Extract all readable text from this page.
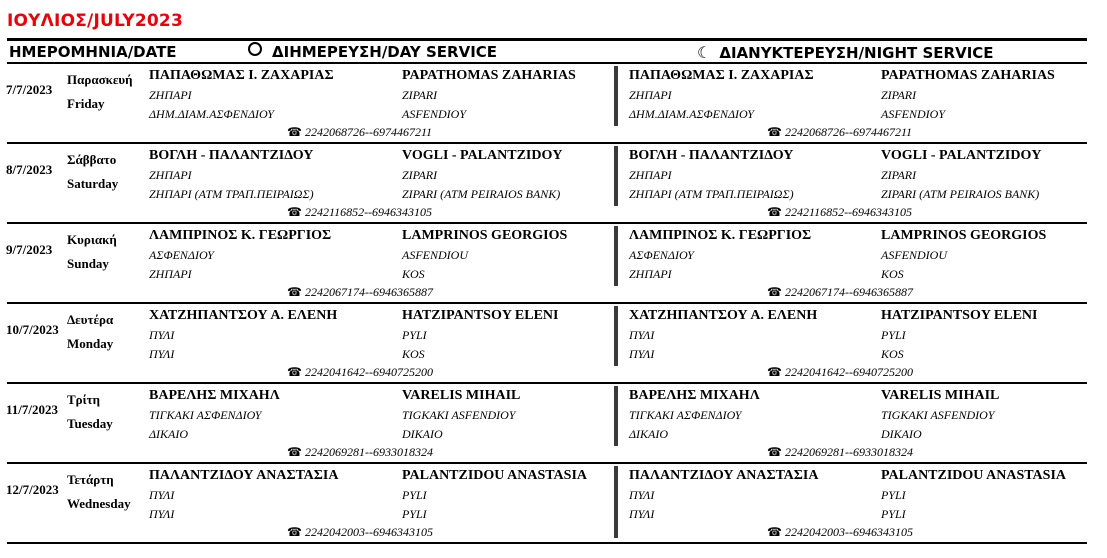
ΙΟΥΛΙΟΣ/JULY2023
ΗΜΕΡΟΜΗΝΙΑ/DATE	ΔΙΗΜΕΡΕΥΣΗ/DAY SERVICE	☾ ΔΙΑΝΥΚΤΕΡΕΥΣΗ/NIGHT SERVICE
7/7/2023
Παρασκευή
Friday
ΠΑΠΑΘΩΜΑΣ Ι. ΖΑΧΑΡΙΑΣ
ΖΗΠΑΡΙ
ΔΗΜ.ΔΙΑΜ.ΑΣΦΕΝΔΙΟΥ
PAPATHOMAS ZAHARIAS
ZIPARI
ASFENDIOY
☎ 2242068726--6974467211
ΠΑΠΑΘΩΜΑΣ Ι. ΖΑΧΑΡΙΑΣ
ΖΗΠΑΡΙ
ΔΗΜ.ΔΙΑΜ.ΑΣΦΕΝΔΙΟΥ
PAPATHOMAS ZAHARIAS
ZIPARI
ASFENDIOY
☎ 2242068726--6974467211
8/7/2023
Σάββατο
Saturday
ΒΟΓΛΗ - ΠΑΛΑΝΤΖΙΔΟΥ
ΖΗΠΑΡΙ
ΖΗΠΑΡΙ (ΑΤΜ ΤΡΑΠ.ΠΕΙΡΑΙΩΣ)
VOGLI - PALANTZIDOY
ZIPARI
ZIPARI (ATM PEIRAIOS BANK)
☎ 2242116852--6946343105
ΒΟΓΛΗ - ΠΑΛΑΝΤΖΙΔΟΥ
ΖΗΠΑΡΙ
ΖΗΠΑΡΙ (ΑΤΜ ΤΡΑΠ.ΠΕΙΡΑΙΩΣ)
VOGLI - PALANTZIDOY
ZIPARI
ZIPARI (ATM PEIRAIOS BANK)
☎ 2242116852--6946343105
9/7/2023
Κυριακή
Sunday
ΛΑΜΠΡΙΝΟΣ Κ. ΓΕΩΡΓΙΟΣ
ΑΣΦΕΝΔΙΟΥ
ΖΗΠΑΡΙ
LAMPRINOS GEORGIOS
ASFENDIOU
KOS
☎ 2242067174--6946365887
ΛΑΜΠΡΙΝΟΣ Κ. ΓΕΩΡΓΙΟΣ
ΑΣΦΕΝΔΙΟΥ
ΖΗΠΑΡΙ
LAMPRINOS GEORGIOS
ASFENDIOU
KOS
☎ 2242067174--6946365887
10/7/2023
Δευτέρα
Monday
ΧΑΤΖΗΠΑΝΤΣΟΥ Α. ΕΛΕΝΗ
ΠΥΛΙ
ΠΥΛΙ
HATZIPANTSOY ELENI
PYLI
KOS
☎ 2242041642--6940725200
ΧΑΤΖΗΠΑΝΤΣΟΥ Α. ΕΛΕΝΗ
ΠΥΛΙ
ΠΥΛΙ
HATZIPANTSOY ELENI
PYLI
KOS
☎ 2242041642--6940725200
11/7/2023
Τρίτη
Tuesday
ΒΑΡΕΛΗΣ ΜΙΧΑΗΛ
ΤΙΓΚΑΚΙ ΑΣΦΕΝΔΙΟΥ
ΔΙΚΑΙΟ
VARELIS MIHAIL
TIGKAKI ASFENDIOY
DIKAIO
☎ 2242069281--6933018324
ΒΑΡΕΛΗΣ ΜΙΧΑΗΛ
ΤΙΓΚΑΚΙ ΑΣΦΕΝΔΙΟΥ
ΔΙΚΑΙΟ
VARELIS MIHAIL
TIGKAKI ASFENDIOY
DIKAIO
☎ 2242069281--6933018324
12/7/2023
Τετάρτη
Wednesday
ΠΑΛΑΝΤΖΙΔΟΥ ΑΝΑΣΤΑΣΙΑ
ΠΥΛΙ
ΠΥΛΙ
PALANTZIDOU ANASTASIA
PYLI
PYLI
☎ 2242042003--6946343105
ΠΑΛΑΝΤΖΙΔΟΥ ΑΝΑΣΤΑΣΙΑ
ΠΥΛΙ
ΠΥΛΙ
PALANTZIDOU ANASTASIA
PYLI
PYLI
☎ 2242042003--6946343105
